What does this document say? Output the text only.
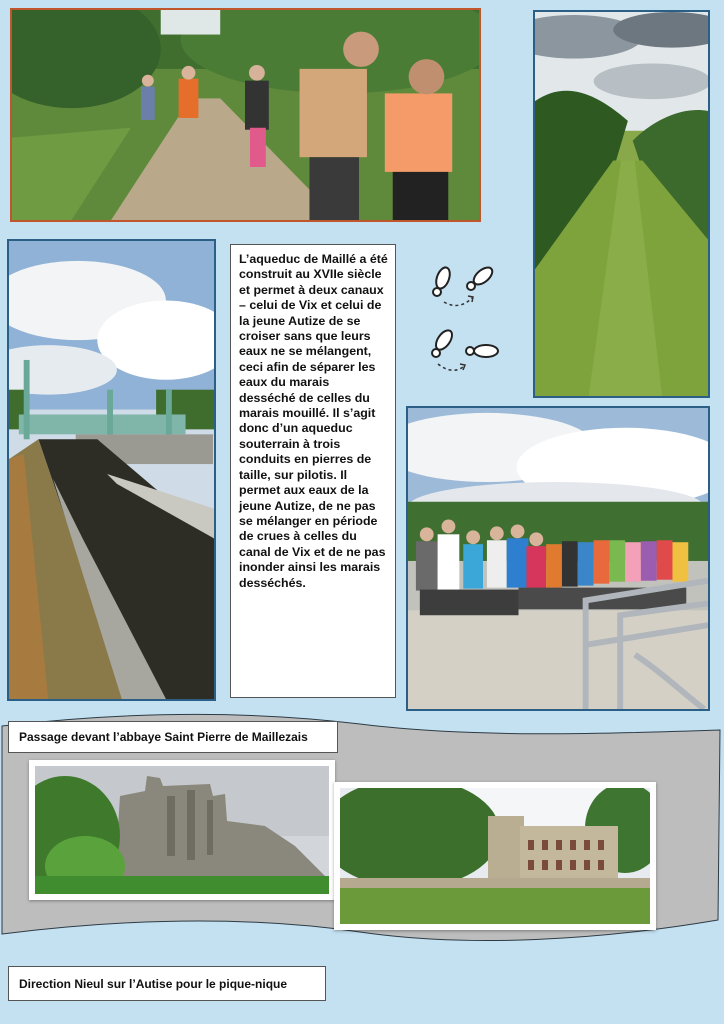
L’aqueduc de Maillé a été construit au XVIIe siècle et permet à deux canaux – celui de Vix et celui de la jeune Autize de se croiser sans que leurs eaux ne se mélangent, ceci afin de séparer les eaux du marais desséché de celles du marais mouillé. Il s’agit donc d’un aqueduc souterrain à trois conduits en pierres de taille, sur pilotis. Il permet aux eaux de la jeune Autize, de ne pas se mélanger en période de crues à celles du canal de Vix et de ne pas inonder ainsi les marais desséchés.
Passage devant l’abbaye Saint Pierre de Maillezais
Direction Nieul sur l’Autise pour le pique-nique
